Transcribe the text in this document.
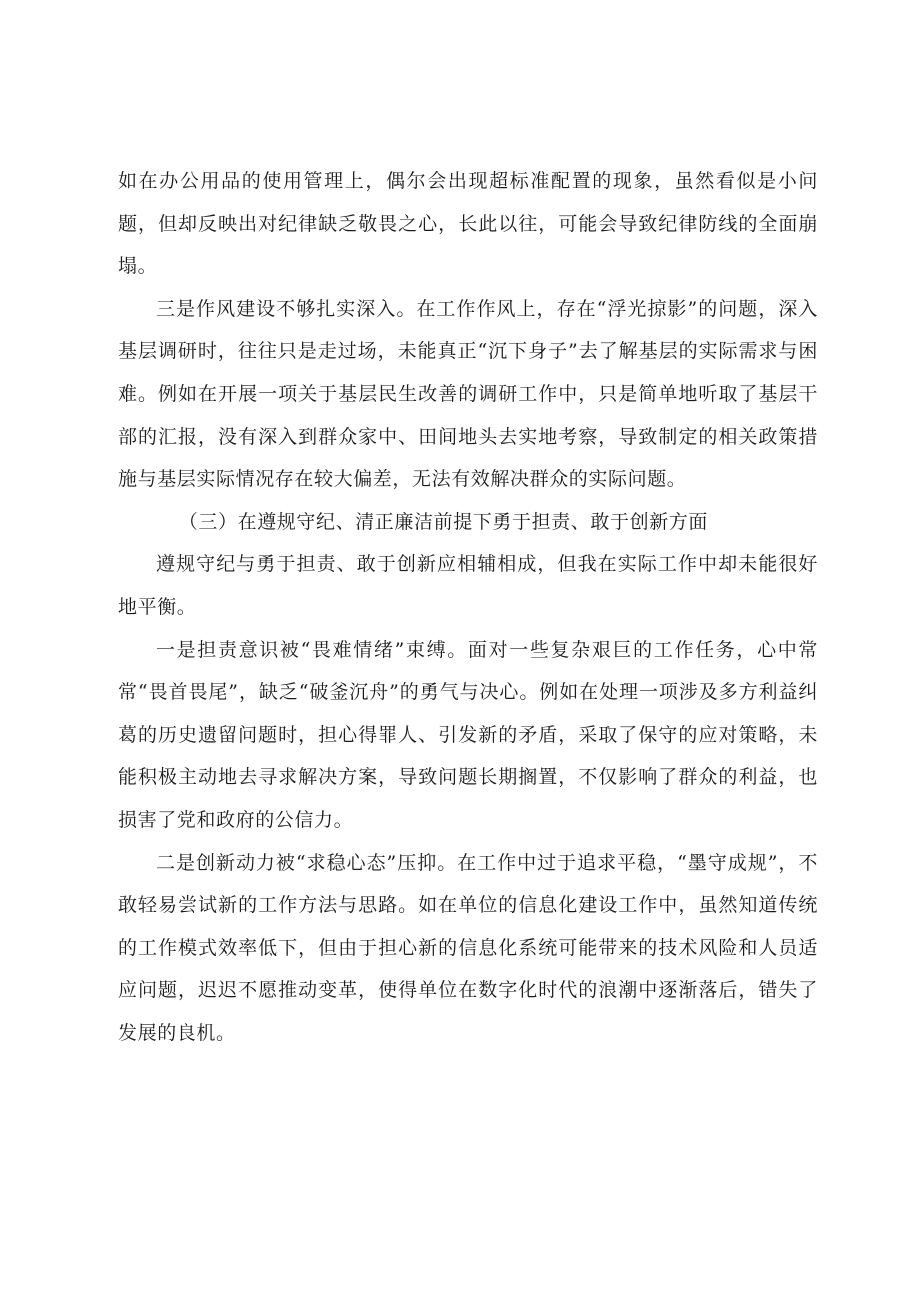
如在办公用品的使用管理上，偶尔会出现超标准配置的现象，虽然看似是小问题，但却反映出对纪律缺乏敬畏之心，长此以往，可能会导致纪律防线的全面崩塌。

三是作风建设不够扎实深入。在工作作风上，存在“浮光掠影”的问题，深入基层调研时，往往只是走过场，未能真正“沉下身子”去了解基层的实际需求与困难。例如在开展一项关于基层民生改善的调研工作中，只是简单地听取了基层干部的汇报，没有深入到群众家中、田间地头去实地考察，导致制定的相关政策措施与基层实际情况存在较大偏差，无法有效解决群众的实际问题。

（三）在遵规守纪、清正廉洁前提下勇于担责、敢于创新方面

遵规守纪与勇于担责、敢于创新应相辅相成，但我在实际工作中却未能很好地平衡。

一是担责意识被“畏难情绪”束缚。面对一些复杂艰巨的工作任务，心中常常“畏首畏尾”，缺乏“破釜沉舟”的勇气与决心。例如在处理一项涉及多方利益纠葛的历史遗留问题时，担心得罪人、引发新的矛盾，采取了保守的应对策略，未能积极主动地去寻求解决方案，导致问题长期搁置，不仅影响了群众的利益，也损害了党和政府的公信力。

二是创新动力被“求稳心态”压抑。在工作中过于追求平稳，“墨守成规”，不敢轻易尝试新的工作方法与思路。如在单位的信息化建设工作中，虽然知道传统的工作模式效率低下，但由于担心新的信息化系统可能带来的技术风险和人员适应问题，迟迟不愿推动变革，使得单位在数字化时代的浪潮中逐渐落后，错失了发展的良机。
